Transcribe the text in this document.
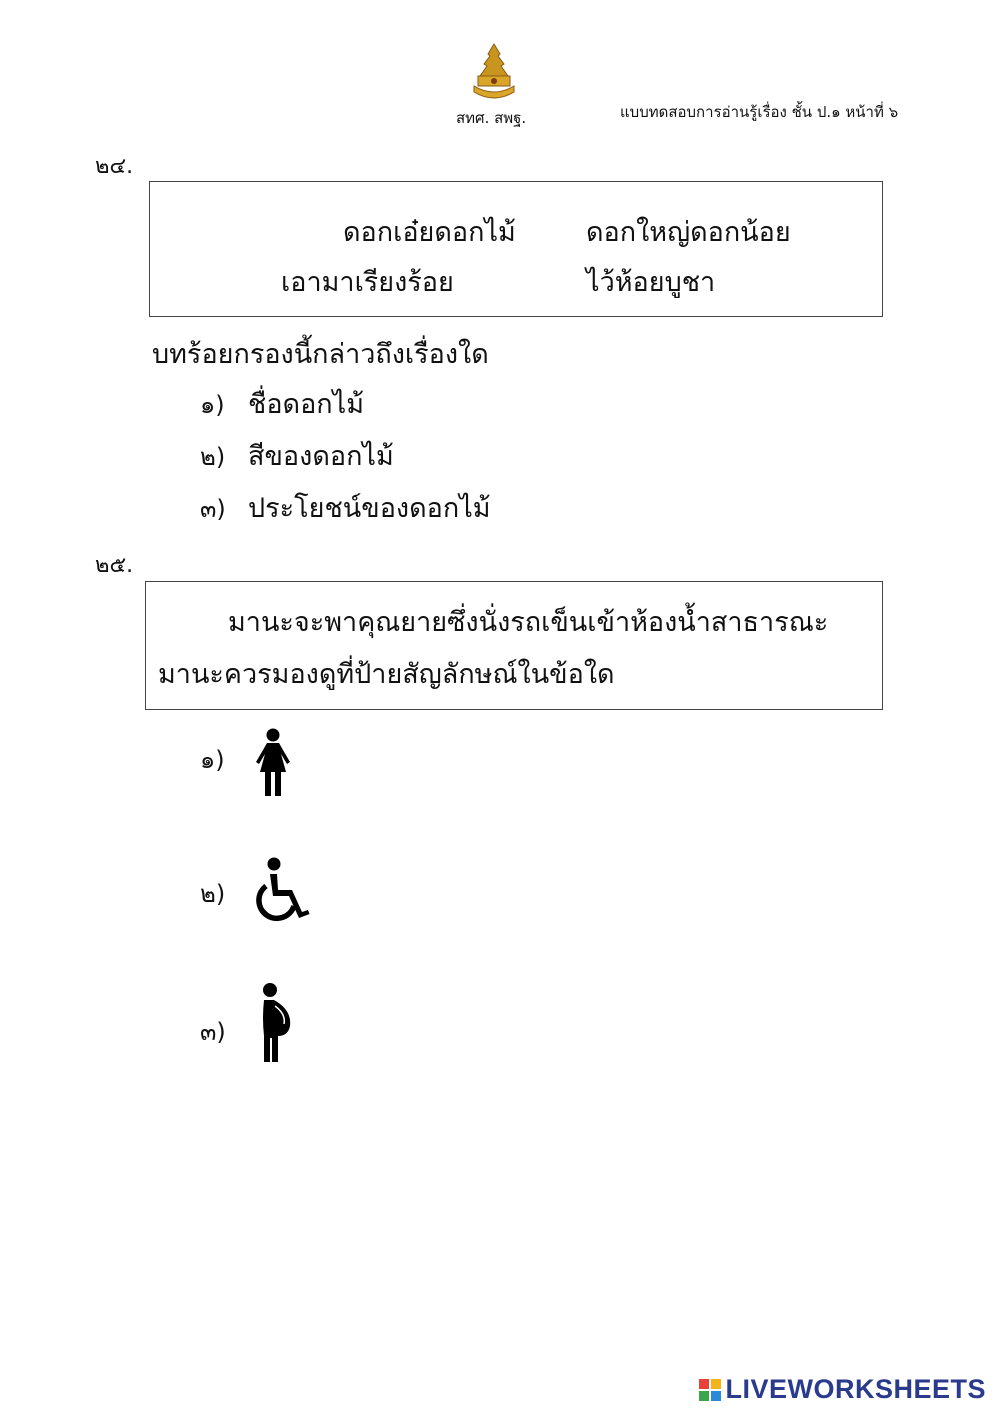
สทศ. สพฐ.	แบบทดสอบการอ่านรู้เรื่อง ชั้น ป.๑ หน้าที่ ๖
๒๔.
ดอกเอ๋ยดอกไม้	ดอกใหญ่ดอกน้อย
เอามาเรียงร้อย	ไว้ห้อยบูชา
บทร้อยกรองนี้กล่าวถึงเรื่องใด
๑) ชื่อดอกไม้
๒) สีของดอกไม้
๓) ประโยชน์ของดอกไม้
๒๕.
มานะจะพาคุณยายซึ่งนั่งรถเข็นเข้าห้องน้ำสาธารณะ
มานะควรมองดูที่ป้ายสัญลักษณ์ในข้อใด
๑)
๒)
๓)
LIVEWORKSHEETS
